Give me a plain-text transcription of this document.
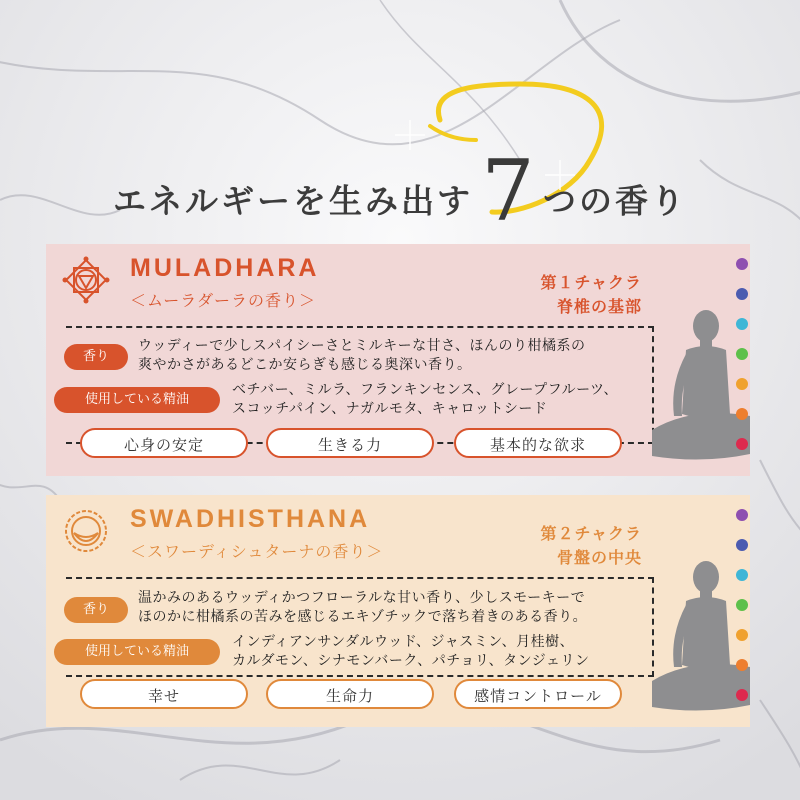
エネルギーを生み出す7 つの香り
MULADHARA
＜ムーラダーラの香り＞
第１チャクラ
脊椎の基部
香り
ウッディーで少しスパイシーさとミルキーな甘さ、ほんのり柑橘系の
爽やかさがあるどこか安らぎも感じる奥深い香り。
使用している精油
ベチバー、ミルラ、フランキンセンス、グレープフルーツ、
スコッチパイン、ナガルモタ、キャロットシード
心身の安定	生きる力	基本的な欲求
SWADHISTHANA
＜スワーディシュターナの香り＞
第２チャクラ
骨盤の中央
香り
温かみのあるウッディかつフローラルな甘い香り、少しスモーキーで
ほのかに柑橘系の苦みを感じるエキゾチックで落ち着きのある香り。
使用している精油
インディアンサンダルウッド、ジャスミン、月桂樹、
カルダモン、シナモンバーク、パチョリ、タンジェリン
幸せ	生命力	感情コントロール
